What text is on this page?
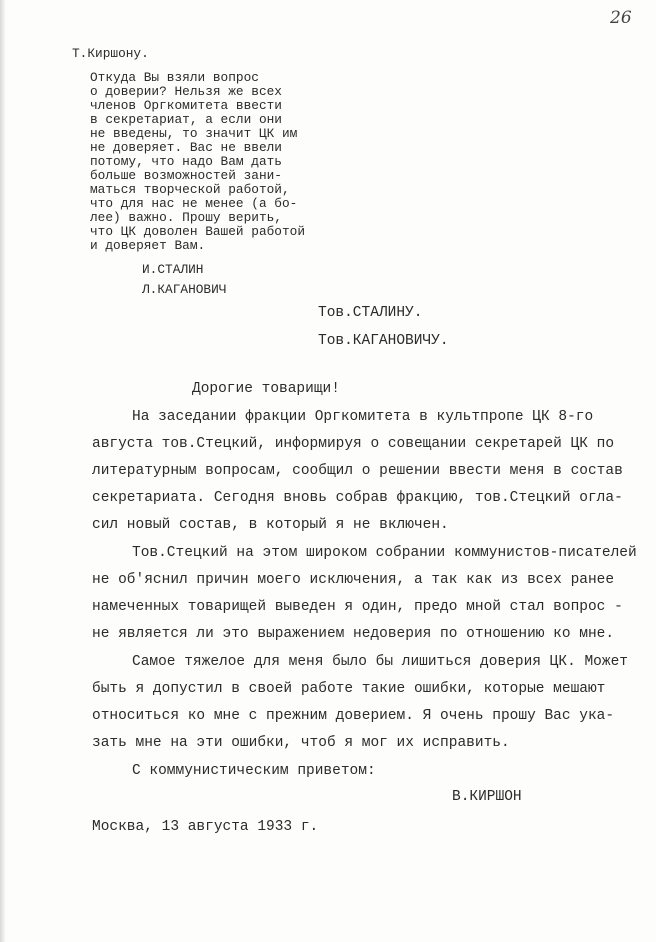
26
Т.Киршону.
Откуда Вы взяли вопрос
о доверии? Нельзя же всех
членов Оргкомитета ввести
в секретариат, а если они
не введены, то значит ЦК им
не доверяет. Вас не ввели
потому, что надо Вам дать
больше возможностей зани-
маться творческой работой,
что для нас не менее (а бо-
лее) важно. Прошу верить,
что ЦК доволен Вашей работой
и доверяет Вам.
И.СТАЛИН
Л.КАГАНОВИЧ
Тов.СТАЛИНУ.
Тов.КАГАНОВИЧУ.
Дорогие товарищи!
На заседании фракции Оргкомитета в культпропе ЦК 8-го
августа тов.Стецкий, информируя о совещании секретарей ЦК по
литературным вопросам, сообщил о решении ввести меня в состав
секретариата. Сегодня вновь собрав фракцию, тов.Стецкий огла-
сил новый состав, в который я не включен.
Тов.Стецкий на этом широком собрании коммунистов-писателей
не об'яснил причин моего исключения, а так как из всех ранее
намеченных товарищей выведен я один, предо мной стал вопрос -
не является ли это выражением недоверия по отношению ко мне.
Самое тяжелое для меня было бы лишиться доверия ЦК. Может
быть я допустил в своей работе такие ошибки, которые мешают
относиться ко мне с прежним доверием. Я очень прошу Вас ука-
зать мне на эти ошибки, чтоб я мог их исправить.
С коммунистическим приветом:
В.КИРШОН
Москва, 13 августа 1933 г.
